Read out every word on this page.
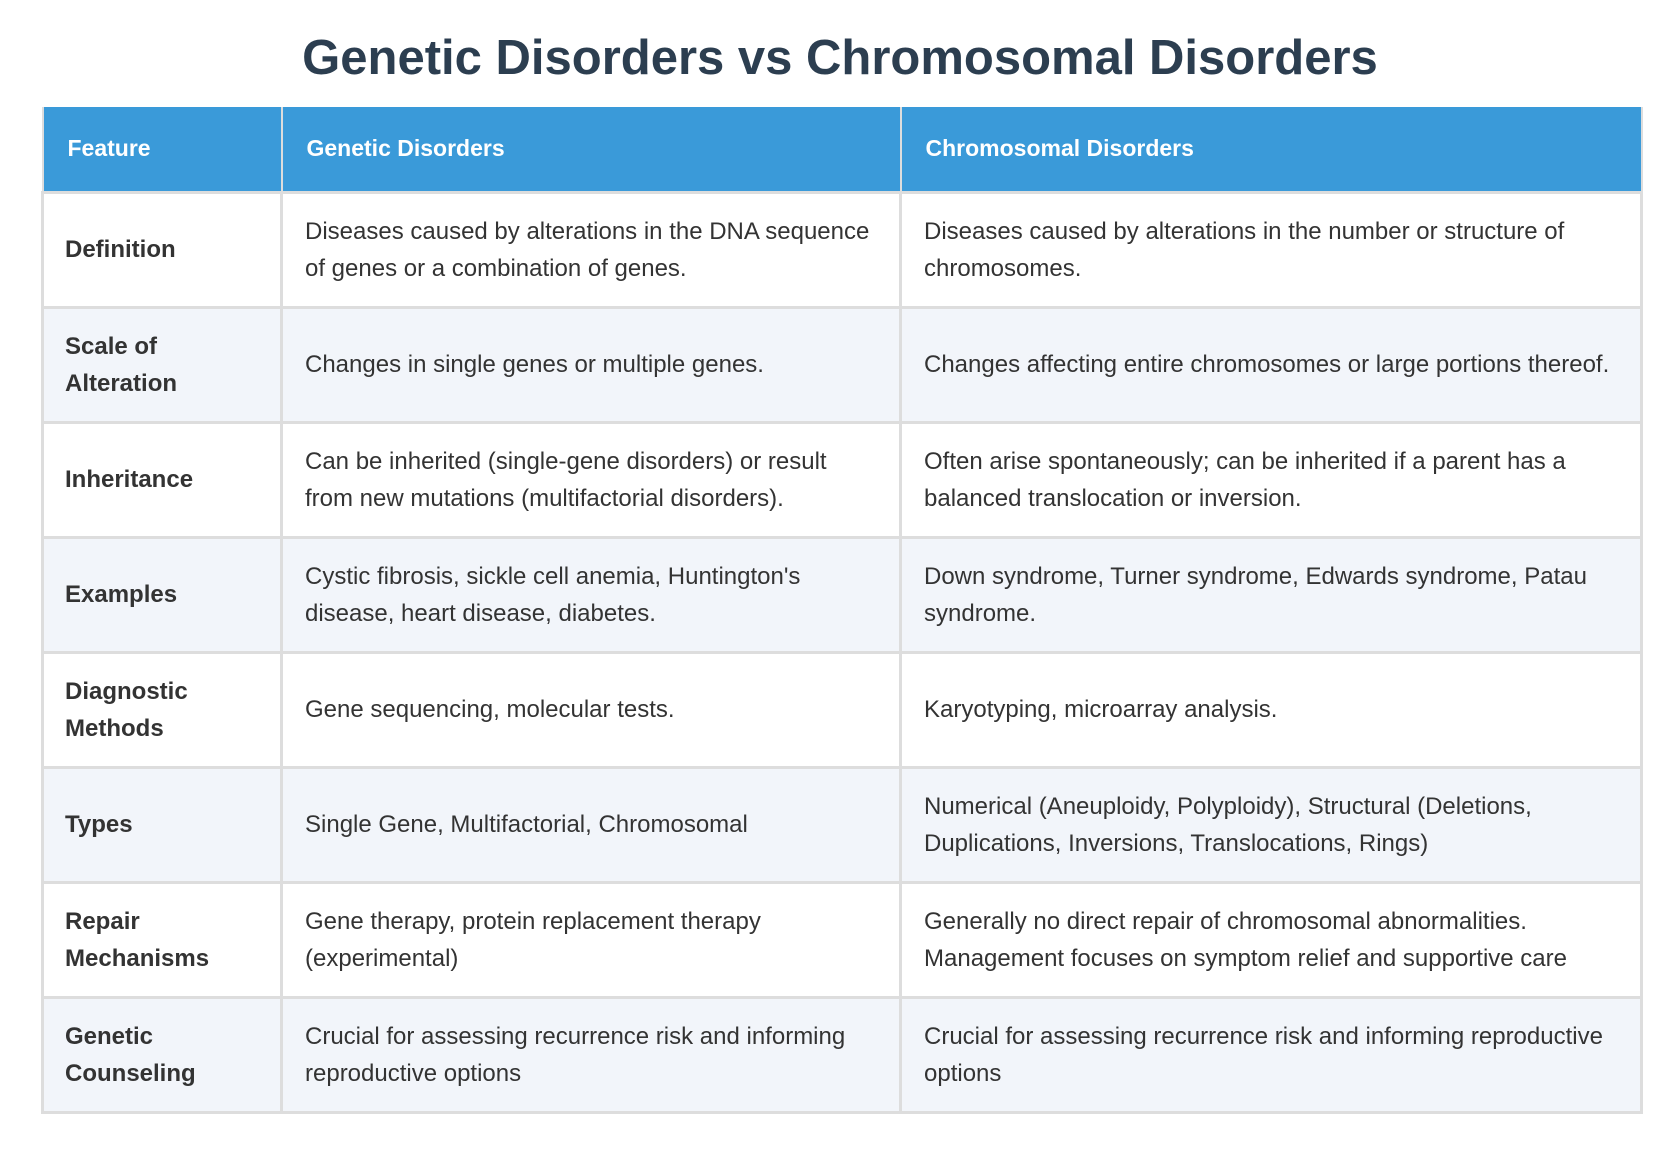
Genetic Disorders vs Chromosomal Disorders
Feature	Genetic Disorders	Chromosomal Disorders
Definition	Diseases caused by alterations in the DNA sequence of genes or a combination of genes.	Diseases caused by alterations in the number or structure of chromosomes.
Scale of Alteration	Changes in single genes or multiple genes.	Changes affecting entire chromosomes or large portions thereof.
Inheritance	Can be inherited (single-gene disorders) or result from new mutations (multifactorial disorders).	Often arise spontaneously; can be inherited if a parent has a balanced translocation or inversion.
Examples	Cystic fibrosis, sickle cell anemia, Huntington's disease, heart disease, diabetes.	Down syndrome, Turner syndrome, Edwards syndrome, Patau syndrome.
Diagnostic Methods	Gene sequencing, molecular tests.	Karyotyping, microarray analysis.
Types	Single Gene, Multifactorial, Chromosomal	Numerical (Aneuploidy, Polyploidy), Structural (Deletions, Duplications, Inversions, Translocations, Rings)
Repair Mechanisms	Gene therapy, protein replacement therapy (experimental)	Generally no direct repair of chromosomal abnormalities. Management focuses on symptom relief and supportive care
Genetic Counseling	Crucial for assessing recurrence risk and informing reproductive options	Crucial for assessing recurrence risk and informing reproductive options
